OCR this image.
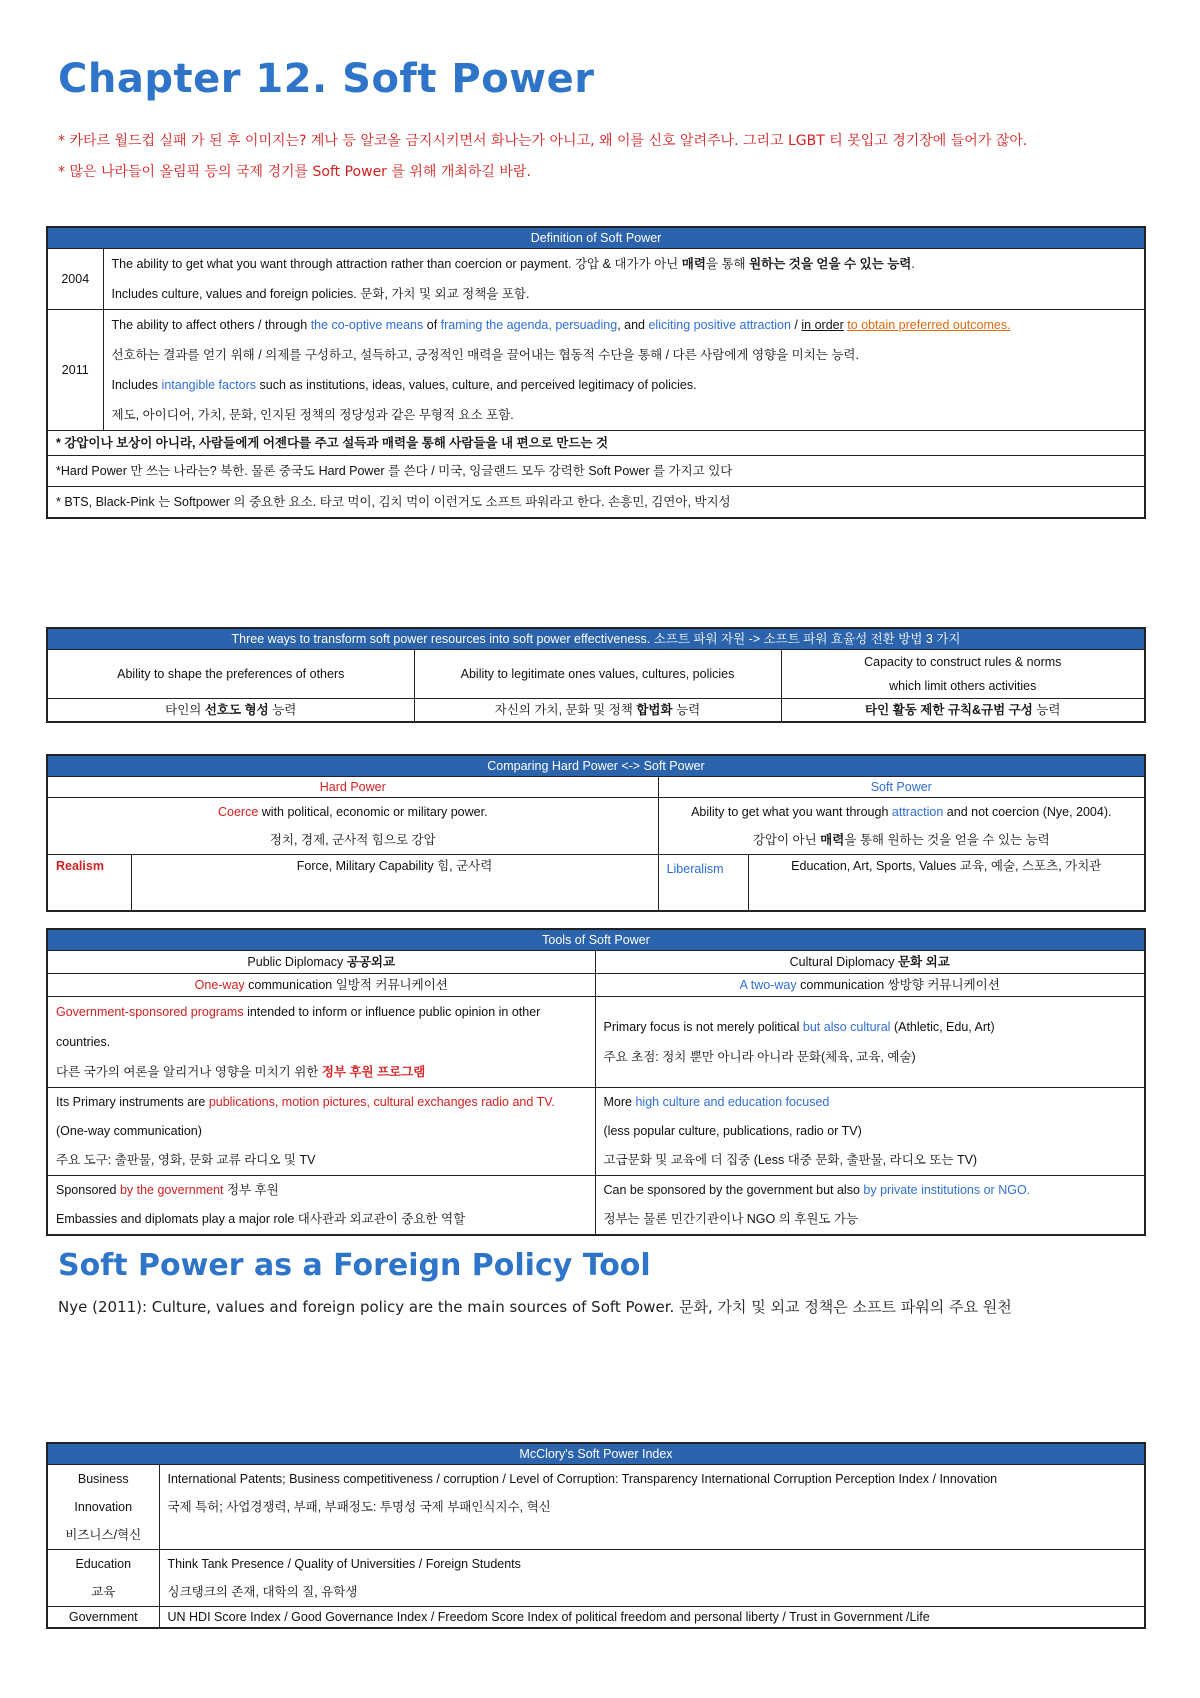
Chapter 12. Soft Power

* 카타르 월드컵 실패 가 된 후 이미지는? 계나 등 알코올 금지시키면서 화나는가 아니고, 왜 이를 신호 알려주나. 그리고 LGBT 티 못입고 경기장에 들어가 잖아.

* 많은 나라들이 올림픽 등의 국제 경기를 Soft Power 를 위해 개최하길 바람.

Definition of Soft Power	
2004	The ability to get what you want through attraction rather than coercion or payment. 강압 & 대가가 아닌 매력을 통해 원하는 것을 얻을 수 있는 능력.
Includes culture, values and foreign policies. 문화, 가치 및 외교 정책을 포함.
2011	The ability to affect others / through the co-optive means of framing the agenda, persuading, and eliciting positive attraction / in order to obtain preferred outcomes.
선호하는 결과를 얻기 위해 / 의제를 구성하고, 설득하고, 긍정적인 매력을 끌어내는 협동적 수단을 통해 / 다른 사람에게 영향을 미치는 능력.
Includes intangible factors such as institutions, ideas, values, culture, and perceived legitimacy of policies.
제도, 아이디어, 가치, 문화, 인지된 정책의 정당성과 같은 무형적 요소 포함.
* 강압이나 보상이 아니라, 사람들에게 어젠다를 주고 설득과 매력을 통해 사람들을 내 편으로 만드는 것	
*Hard Power 만 쓰는 나라는? 북한. 물론 중국도 Hard Power 를 쓴다 / 미국, 잉글랜드 모두 강력한 Soft Power 를 가지고 있다	
* BTS, Black-Pink 는 Softpower 의 중요한 요소. 타코 먹이, 김치 먹이 이런거도 소프트 파워라고 한다. 손흥민, 김연아, 박지성	
Three ways to transform soft power resources into soft power effectiveness. 소프트 파워 자원 -> 소프트 파워 효율성 전환 방법 3 가지		
Ability to shape the preferences of others	Ability to legitimate ones values, cultures, policies	Capacity to construct rules & norms
which limit others activities
타인의 선호도 형성 능력	자신의 가치, 문화 및 정책 합법화 능력	타인 활동 제한 규칙&규범 구성 능력
Comparing Hard Power <-> Soft Power			
Hard Power		Soft Power	
Coerce with political, economic or military power.
정치, 경제, 군사적 힘으로 강압		Ability to get what you want through attraction and not coercion (Nye, 2004).
강압이 아닌 매력을 통해 원하는 것을 얻을 수 있는 능력	
Realism	Force, Military Capability 힘, 군사력	Liberalism	Education, Art, Sports, Values 교육, 예술, 스포츠, 가치관
Tools of Soft Power	
Public Diplomacy 공공외교	Cultural Diplomacy 문화 외교
One-way communication 일방적 커뮤니케이션	A two-way communication 쌍방향 커뮤니케이션
Government-sponsored programs intended to inform or influence public opinion in other countries.
다른 국가의 여론을 알리거나 영향을 미치기 위한 정부 후원 프로그램	Primary focus is not merely political but also cultural (Athletic, Edu, Art)
주요 초점: 정치 뿐만 아니라 아니라 문화(체육, 교육, 예술)
Its Primary instruments are publications, motion pictures, cultural exchanges radio and TV. (One-way communication)
주요 도구: 출판물, 영화, 문화 교류 라디오 및 TV	More high culture and education focused
(less popular culture, publications, radio or TV)
고급문화 및 교육에 더 집중 (Less 대중 문화, 출판물, 라디오 또는 TV)
Sponsored by the government 정부 후원
Embassies and diplomats play a major role 대사관과 외교관이 중요한 역할	Can be sponsored by the government but also by private institutions or NGO.
정부는 물론 민간기관이나 NGO 의 후원도 가능
Soft Power as a Foreign Policy Tool

Nye (2011): Culture, values and foreign policy are the main sources of Soft Power. 문화, 가치 및 외교 정책은 소프트 파워의 주요 원천

McClory's Soft Power Index	
Business
Innovation
비즈니스/혁신	International Patents; Business competitiveness / corruption / Level of Corruption: Transparency International Corruption Perception Index / Innovation
국제 특허; 사업경쟁력, 부패, 부패정도: 투명성 국제 부패인식지수, 혁신
Education
교육	Think Tank Presence / Quality of Universities / Foreign Students
싱크탱크의 존재, 대학의 질, 유학생
Government	UN HDI Score Index / Good Governance Index / Freedom Score Index of political freedom and personal liberty / Trust in Government /Life
